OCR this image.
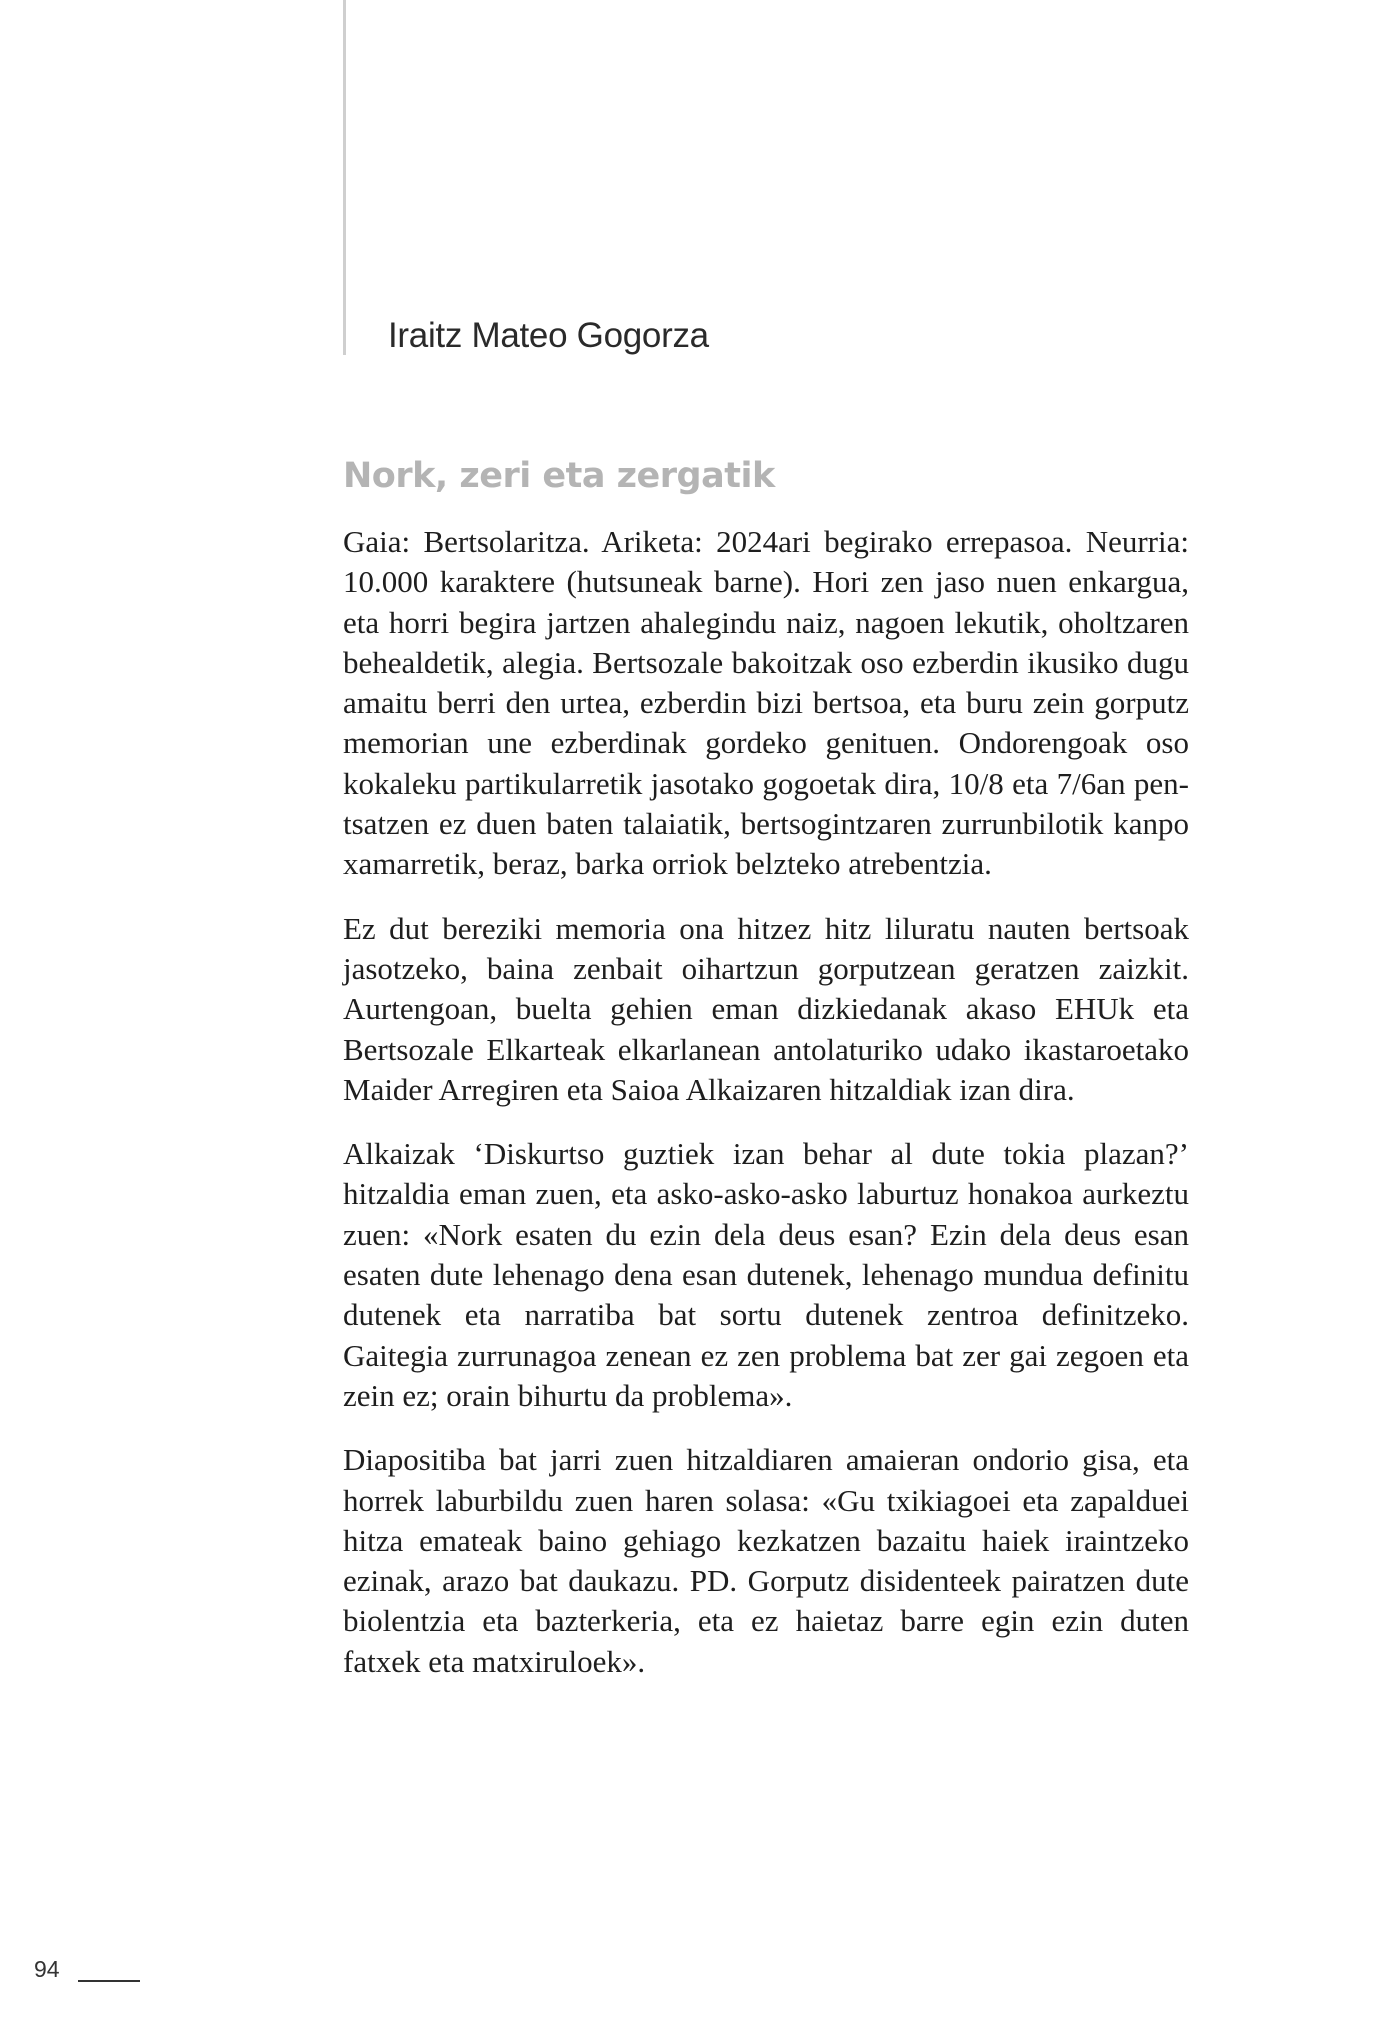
Iraitz Mateo Gogorza
Nork, zeri eta zergatik

Gaia: Bertsolaritza. Ariketa: 2024ari begirako errepasoa. Neurria: 10.000 karaktere (hutsuneak barne). Hori zen jaso nuen enkargua, eta horri begira jartzen ahalegindu naiz, nagoen lekutik, oholtzaren behealdetik, alegia. Bertsozale bakoitzak oso ezberdin ikusiko dugu amaitu berri den urtea, ezberdin bizi bertsoa, eta buru zein gorputz memorian une ezberdinak gordeko genituen. Ondorengoak oso kokaleku partikularretik jasotako gogoetak dira, 10/8 eta 7/6an pentsatzen ez duen baten talaiatik, bertsogintzaren zurrunbilotik kanpo xamarretik, beraz, barka orriok belzteko atrebentzia.

Ez dut bereziki memoria ona hitzez hitz liluratu nauten bertsoak jasotzeko, baina zenbait oihartzun gorputzean geratzen zaizkit. Aurtengoan, buelta gehien eman dizkiedanak akaso EHUk eta Bertsozale Elkarteak elkarlanean antolaturiko udako ikastaroetako Maider Arregiren eta Saioa Alkaizaren hitzaldiak izan dira.

Alkaizak ‘Diskurtso guztiek izan behar al dute tokia plazan?’ hitzaldia eman zuen, eta asko-asko-asko laburtuz honakoa aurkeztu zuen: «Nork esaten du ezin dela deus esan? Ezin dela deus esan esaten dute lehenago dena esan dutenek, lehenago mundua definitu dutenek eta narratiba bat sortu dutenek zentroa definitzeko. Gaitegia zurrunagoa zenean ez zen problema bat zer gai zegoen eta zein ez; orain bihurtu da problema».

Diapositiba bat jarri zuen hitzaldiaren amaieran ondorio gisa, eta horrek laburbildu zuen haren solasa: «Gu txikiagoei eta zapalduei hitza emateak baino gehiago kezkatzen bazaitu haiek iraintzeko ezinak, arazo bat daukazu. PD. Gorputz disidenteek pairatzen dute biolentzia eta bazterkeria, eta ez haietaz barre egin ezin duten fatxek eta matxiruloek».

94
